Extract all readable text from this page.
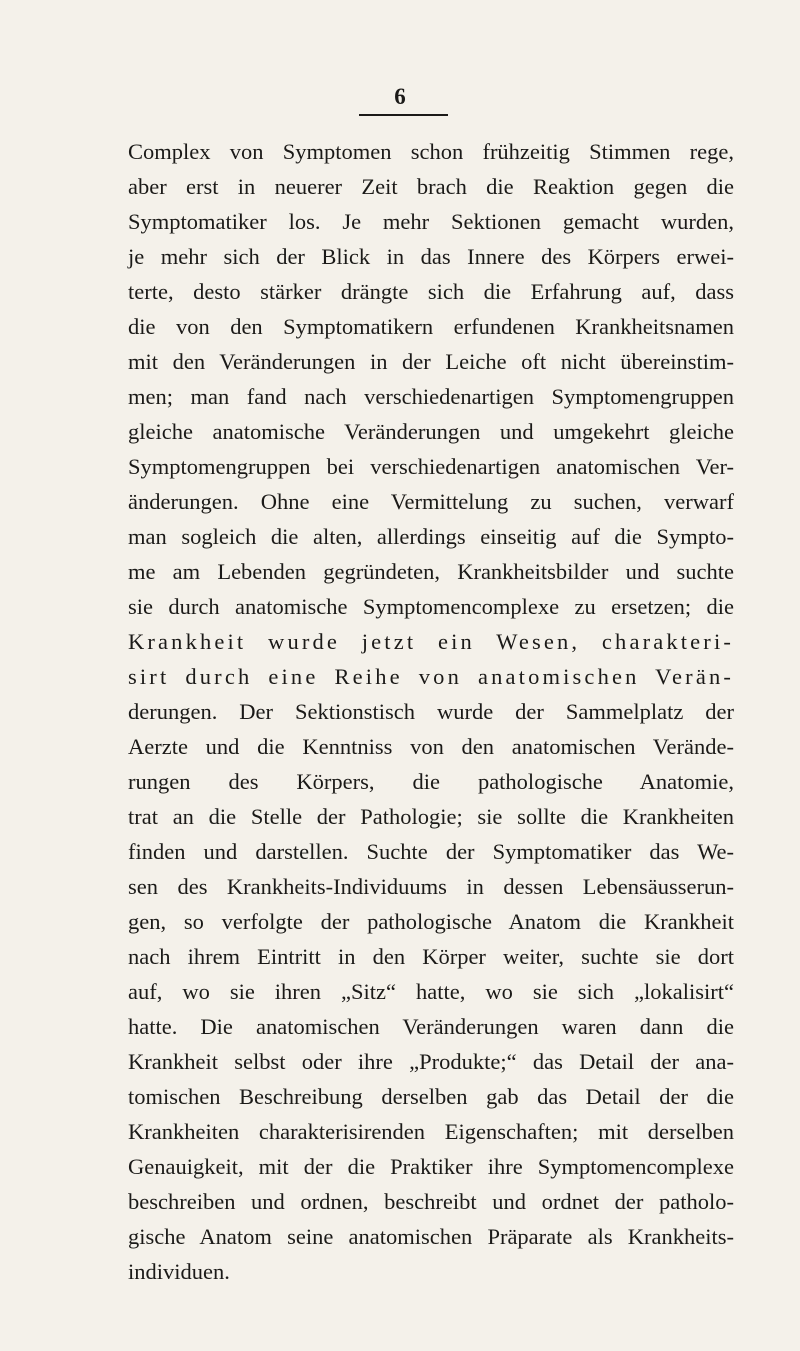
6
Complex von Symptomen schon frühzeitig Stimmen rege,
aber erst in neuerer Zeit brach die Reaktion gegen die
Symptomatiker los. Je mehr Sektionen gemacht wurden,
je mehr sich der Blick in das Innere des Körpers erwei-
terte, desto stärker drängte sich die Erfahrung auf, dass
die von den Symptomatikern erfundenen Krankheitsnamen
mit den Veränderungen in der Leiche oft nicht übereinstim-
men; man fand nach verschiedenartigen Symptomengruppen
gleiche anatomische Veränderungen und umgekehrt gleiche
Symptomengruppen bei verschiedenartigen anatomischen Ver-
änderungen. Ohne eine Vermittelung zu suchen, verwarf
man sogleich die alten, allerdings einseitig auf die Sympto-
me am Lebenden gegründeten, Krankheitsbilder und suchte
sie durch anatomische Symptomencomplexe zu ersetzen; die
Krankheit wurde jetzt ein Wesen, charakteri-
sirt durch eine Reihe von anatomischen Verän-
derungen. Der Sektionstisch wurde der Sammelplatz der
Aerzte und die Kenntniss von den anatomischen Verände-
rungen des Körpers, die pathologische Anatomie,
trat an die Stelle der Pathologie; sie sollte die Krankheiten
finden und darstellen. Suchte der Symptomatiker das We-
sen des Krankheits-Individuums in dessen Lebensäusserun-
gen, so verfolgte der pathologische Anatom die Krankheit
nach ihrem Eintritt in den Körper weiter, suchte sie dort
auf, wo sie ihren „Sitz“ hatte, wo sie sich „lokalisirt“
hatte. Die anatomischen Veränderungen waren dann die
Krankheit selbst oder ihre „Produkte;“ das Detail der ana-
tomischen Beschreibung derselben gab das Detail der die
Krankheiten charakterisirenden Eigenschaften; mit derselben
Genauigkeit, mit der die Praktiker ihre Symptomencomplexe
beschreiben und ordnen, beschreibt und ordnet der patholo-
gische Anatom seine anatomischen Präparate als Krankheits-
individuen.
